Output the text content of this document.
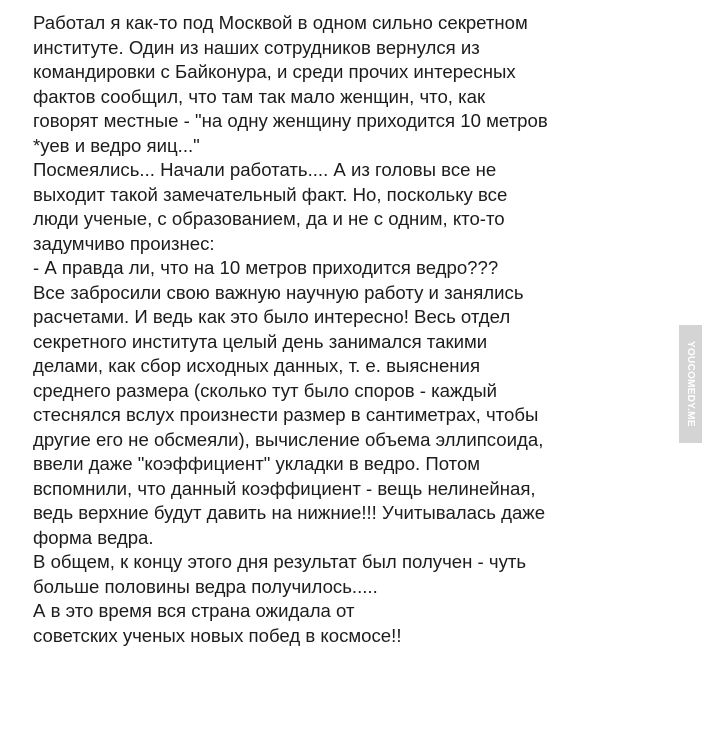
Работал я как-то под Москвой в одном сильно секретном
институте. Один из наших сотрудников вернулся из
командировки с Байконура, и среди прочих интересных
фактов сообщил, что там так мало женщин, что, как
говорят местные - "на одну женщину приходится 10 метров
*уев и ведро яиц..."
Посмеялись... Начали работать.... А из головы все не
выходит такой замечательный факт. Но, поскольку все
люди ученые, с образованием, да и не с одним, кто-то
задумчиво произнес:
- А правда ли, что на 10 метров приходится ведро???
Все забросили свою важную научную работу и занялись
расчетами. И ведь как это было интересно! Весь отдел
секретного института целый день занимался такими
делами, как сбор исходных данных, т. е. выяснения
среднего размера (сколько тут было споров - каждый
стеснялся вслух произнести размер в сантиметрах, чтобы
другие его не обсмеяли), вычисление объема эллипсоида,
ввели даже "коэффициент" укладки в ведро. Потом
вспомнили, что данный коэффициент - вещь нелинейная,
ведь верхние будут давить на нижние!!! Учитывалась даже
форма ведра.
В общем, к концу этого дня результат был получен - чуть
больше половины ведра получилось.....
А в это время вся страна ожидала от
советских ученых новых побед в космосе!!
YOUCOMEDY.ME
